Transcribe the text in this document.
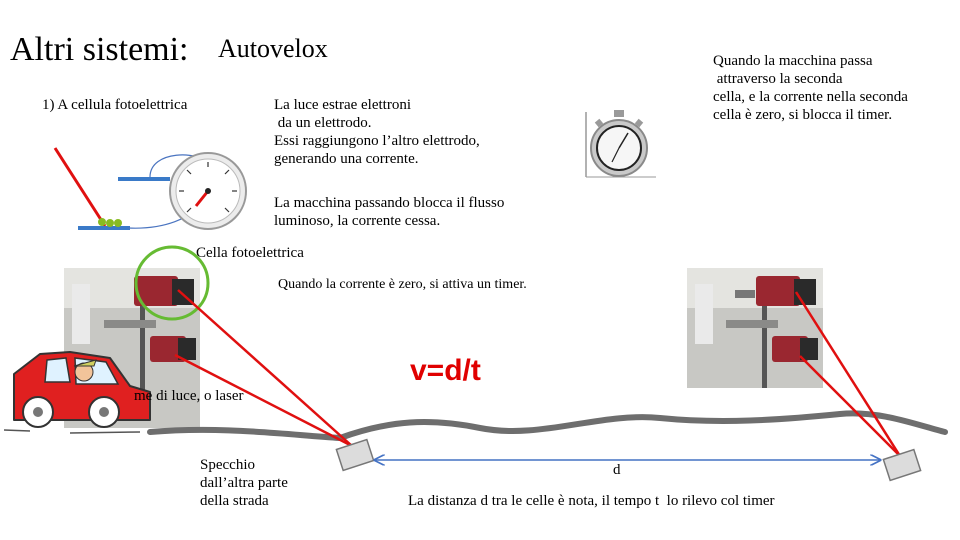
Altri sistemi: Autovelox
1) A cellula fotoelettrica	La luce estrae elettroni
da un elettrodo.
Essi raggiungono l’altro elettrodo,
generando una corrente.
La macchina passando blocca il flusso
luminoso, la corrente cessa.
Cella fotoelettrica
Quando la corrente è zero, si attiva un timer.
Quando la macchina passa
attraverso la seconda
cella, e la corrente nella seconda
cella è zero, si blocca il timer.
me di luce, o laser
v=d/t
Specchio
dall’altra parte
della strada
d
La distanza d tra le celle è nota, il tempo t  lo rilevo col timer
